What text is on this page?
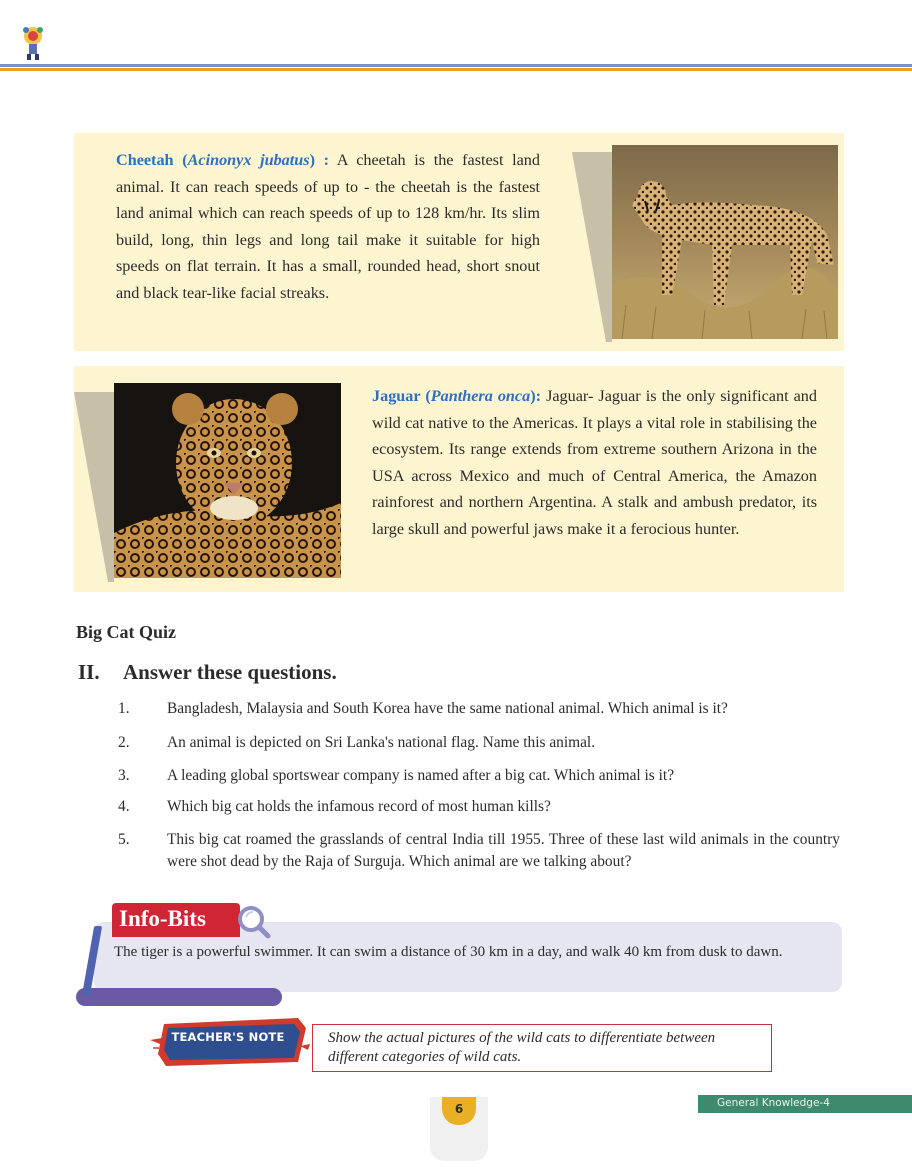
Cheetah (Acinonyx jubatus) : A cheetah is the fastest land animal. It can reach speeds of up to - the cheetah is the fastest land animal which can reach speeds of up to 128 km/hr. Its slim build, long, thin legs and long tail make it suitable for high speeds on flat terrain. It has a small, rounded head, short snout and black tear-like facial streaks.

Jaguar (Panthera onca): Jaguar- Jaguar is the only significant and wild cat native to the Americas. It plays a vital role in stabilising the ecosystem. Its range extends from extreme southern Arizona in the USA across Mexico and much of Central America, the Amazon rainforest and northern Argentina. A stalk and ambush predator, its large skull and powerful jaws make it a ferocious hunter.

Big Cat Quiz
II. Answer these questions.
1.	Bangladesh, Malaysia and South Korea have the same national animal. Which animal is it?
2.	An animal is depicted on Sri Lanka's national flag. Name this animal.
3.	A leading global sportswear company is named after a big cat. Which animal is it?
4.	Which big cat holds the infamous record of most human kills?
5.	This big cat roamed the grasslands of central India till 1955. Three of these last wild animals in the country were shot dead by the Raja of Surguja. Which animal are we talking about?
Info-Bits

The tiger is a powerful swimmer. It can swim a distance of 30 km in a day, and walk 40 km from dusk to dawn.

TEACHER'S NOTE	Show the actual pictures of the wild cats to differentiate between different categories of wild cats.

6	General Knowledge-4
